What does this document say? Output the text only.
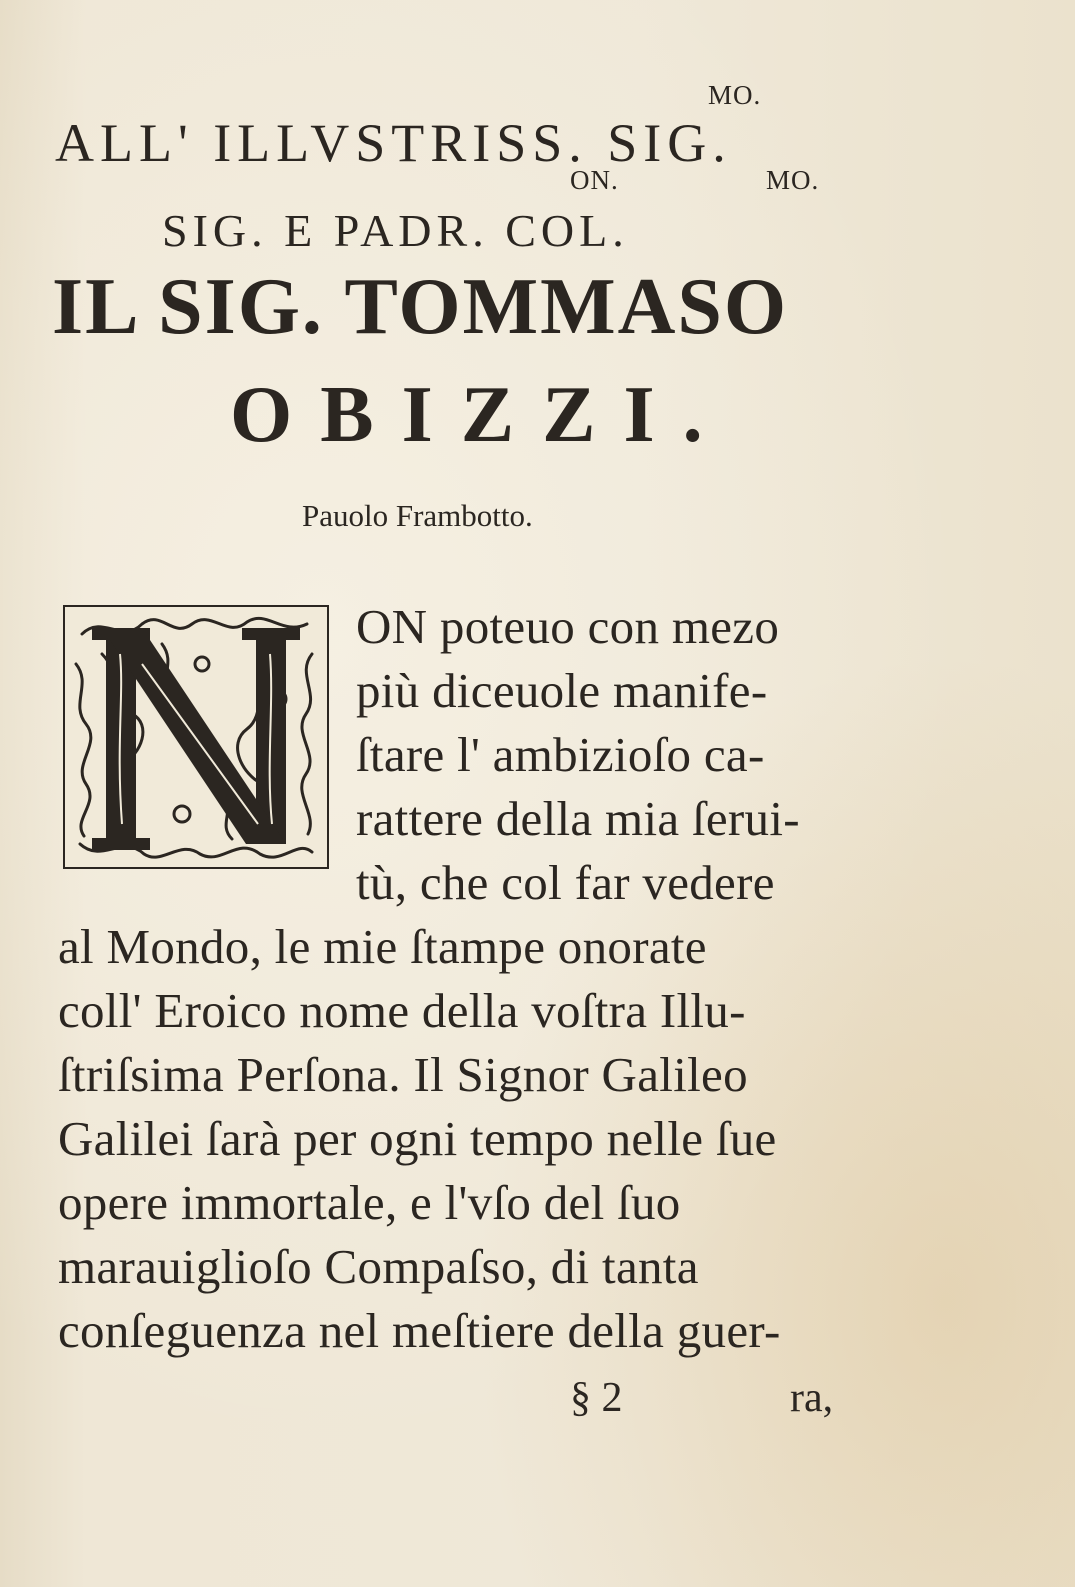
MO.
ALL' ILLVSTRISS. SIG.
ON.	MO.
SIG. E PADR. COL.
IL SIG. TOMMASO
OBIZZI.
Pauolo Frambotto.
ON poteuo con mezo
più diceuole manife-
ſtare l' ambizioſo ca-
rattere della mia ſerui-
tù, che col far vedere
al Mondo, le mie ſtampe onorate
coll' Eroico nome della voſtra Illu-
ſtriſsima Perſona. Il Signor Galileo
Galilei ſarà per ogni tempo nelle ſue
opere immortale, e l'vſo del ſuo
marauiglioſo Compaſso, di tanta
conſeguenza nel meſtiere della guer-
§ 2	ra,
